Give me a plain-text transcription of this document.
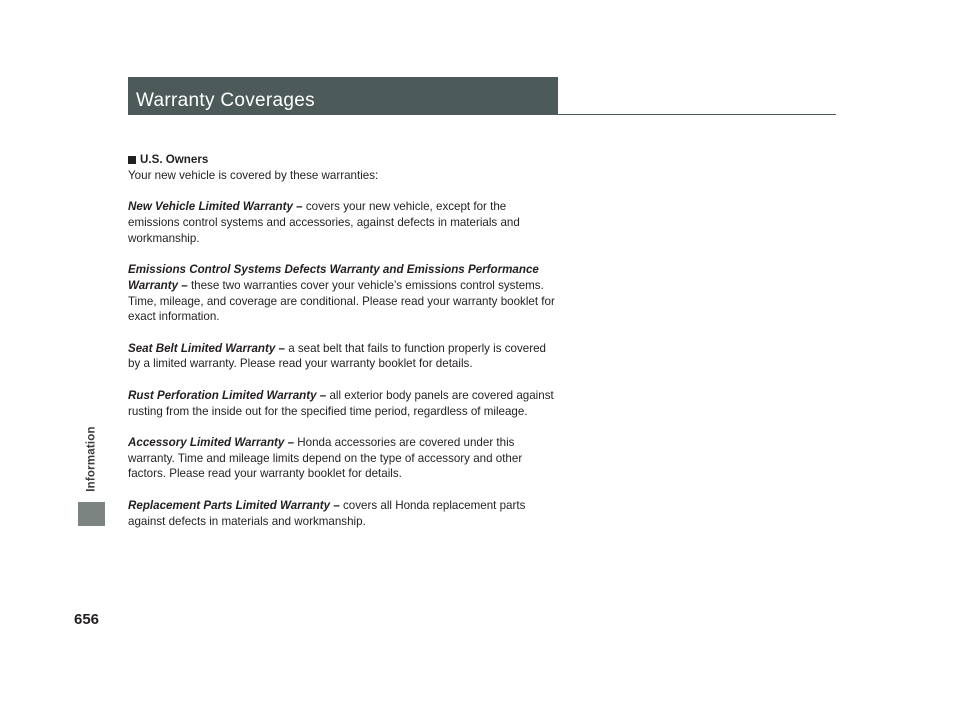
Information
656
Warranty Coverages
U.S. Owners

Your new vehicle is covered by these warranties:

New Vehicle Limited Warranty – covers your new vehicle, except for the emissions control systems and accessories, against defects in materials and workmanship.

Emissions Control Systems Defects Warranty and Emissions Performance Warranty – these two warranties cover your vehicle’s emissions control systems. Time, mileage, and coverage are conditional. Please read your warranty booklet for exact information.

Seat Belt Limited Warranty – a seat belt that fails to function properly is covered by a limited warranty. Please read your warranty booklet for details.

Rust Perforation Limited Warranty – all exterior body panels are covered against rusting from the inside out for the specified time period, regardless of mileage.

Accessory Limited Warranty – Honda accessories are covered under this warranty. Time and mileage limits depend on the type of accessory and other factors. Please read your warranty booklet for details.

Replacement Parts Limited Warranty – covers all Honda replacement parts against defects in materials and workmanship.
